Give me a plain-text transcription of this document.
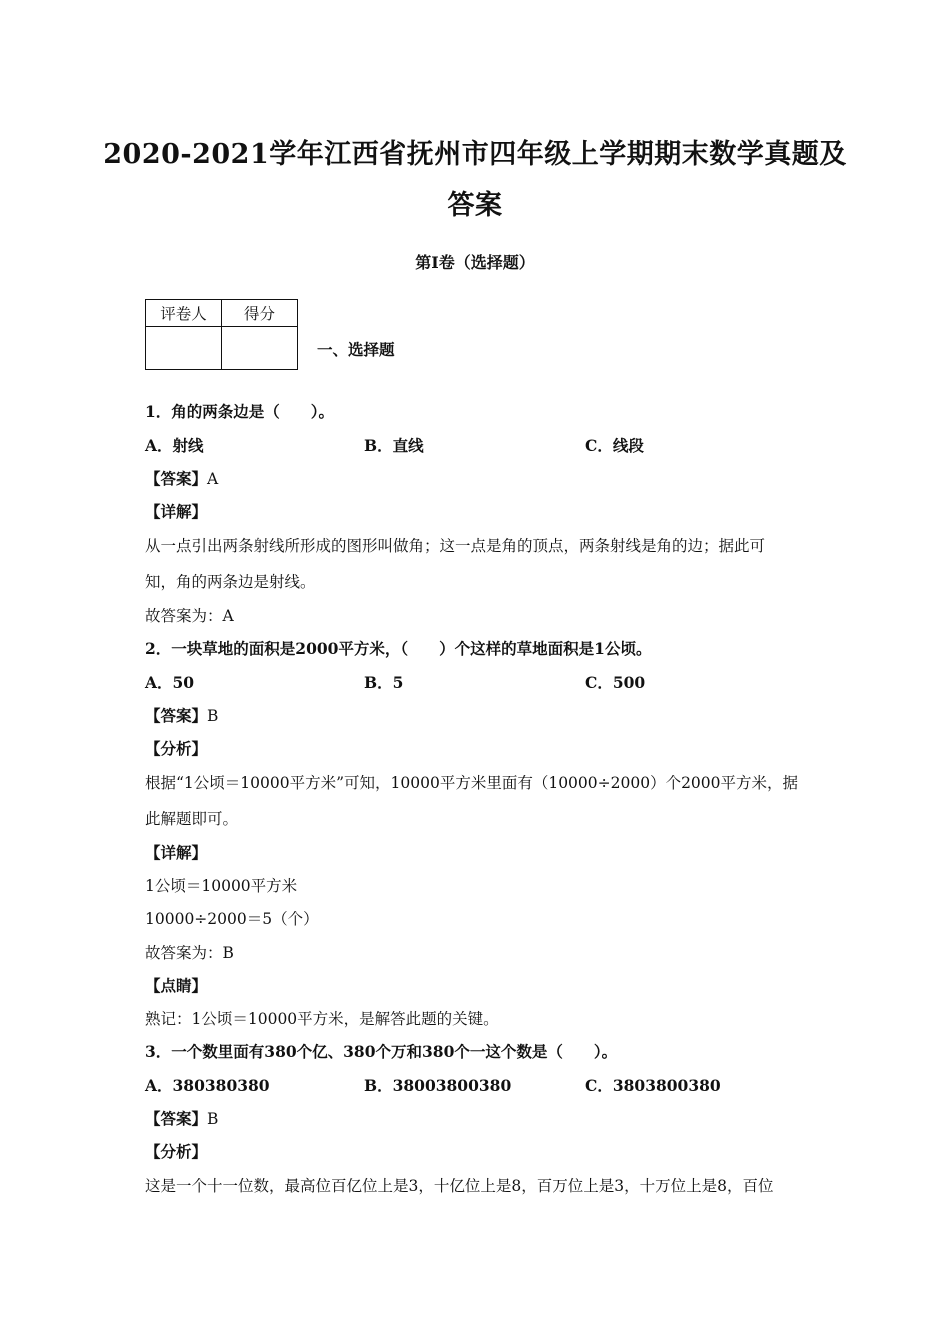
2020-2021学年江西省抚州市四年级上学期期末数学真题及
答案
第Ⅰ卷（选择题）
评卷人	得分

一、选择题
1．角的两条边是（　　）。
A．射线	B．直线	C．线段
【答案】A
【详解】
从一点引出两条射线所形成的图形叫做角；这一点是角的顶点，两条射线是角的边；据此可
知，角的两条边是射线。
故答案为：A
2．一块草地的面积是2000平方米，（　　）个这样的草地面积是1公顷。
A．50	B．5	C．500
【答案】B
【分析】
根据“1公顷＝10000平方米”可知，10000平方米里面有（10000÷2000）个2000平方米，据
此解题即可。
【详解】
1公顷＝10000平方米
10000÷2000＝5（个）
故答案为：B
【点睛】
熟记：1公顷＝10000平方米，是解答此题的关键。
3．一个数里面有380个亿、380个万和380个一这个数是（　　）。
A．380380380	B．38003800380	C．3803800380
【答案】B
【分析】
这是一个十一位数，最高位百亿位上是3，十亿位上是8，百万位上是3，十万位上是8，百位
